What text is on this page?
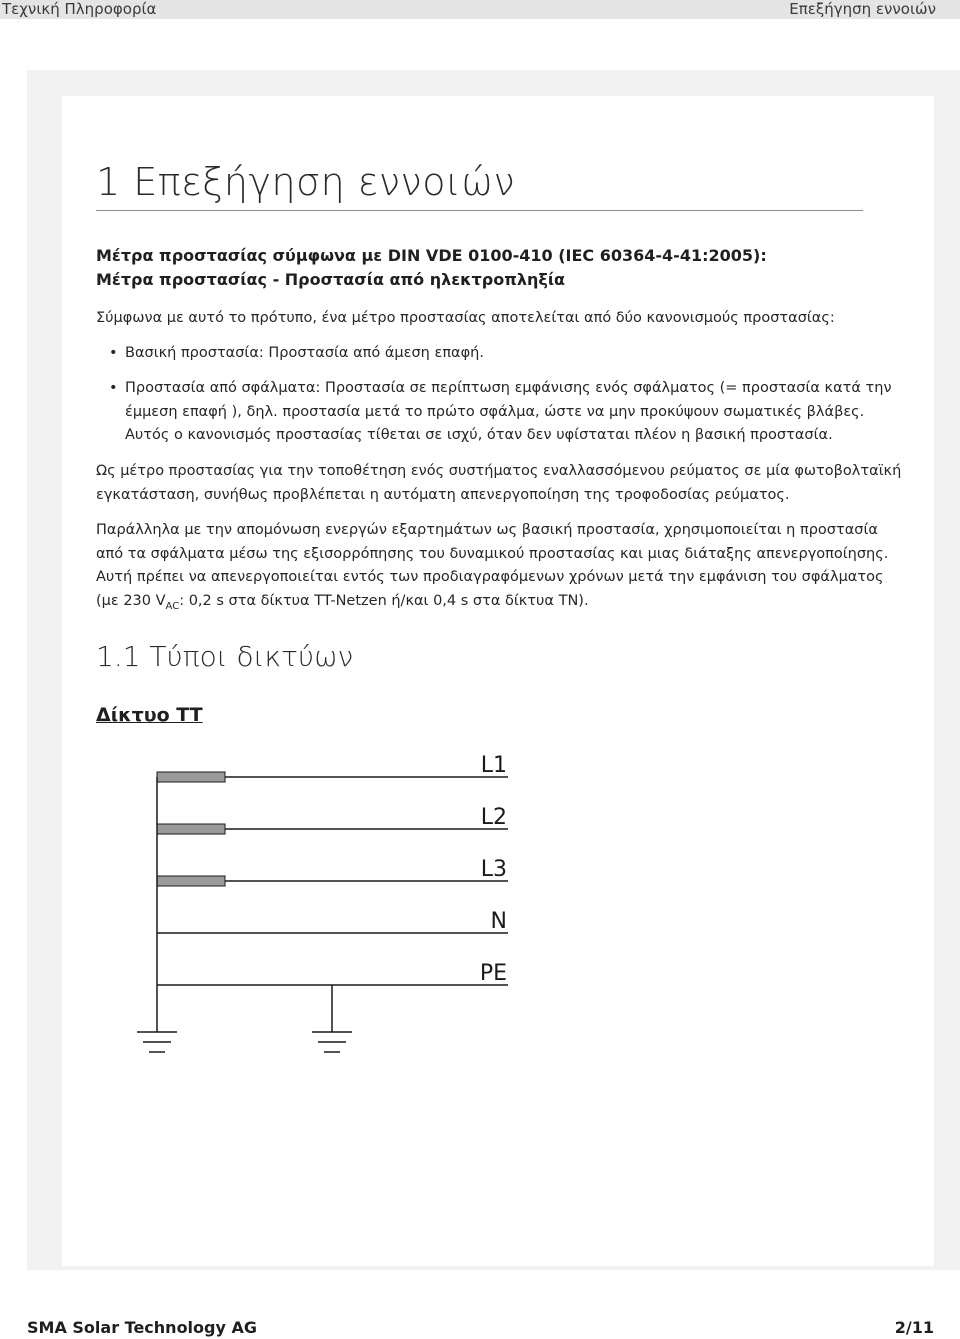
Τεχνική Πληροφορία	Επεξήγηση εννοιών
1 Επεξήγηση εννοιών
Μέτρα προστασίας σύμφωνα με DIN VDE 0100-410 (IEC 60364-4-41:2005):
Μέτρα προστασίας - Προστασία από ηλεκτροπληξία
Σύμφωνα με αυτό το πρότυπο, ένα μέτρο προστασίας αποτελείται από δύο κανονισμούς προστασίας:
• Βασική προστασία: Προστασία από άμεση επαφή.
• Προστασία από σφάλματα: Προστασία σε περίπτωση εμφάνισης ενός σφάλματος (= προστασία κατά την
έμμεση επαφή ), δηλ. προστασία μετά το πρώτο σφάλμα, ώστε να μην προκύψουν σωματικές βλάβες.
Αυτός ο κανονισμός προστασίας τίθεται σε ισχύ, όταν δεν υφίσταται πλέον η βασική προστασία.
Ως μέτρο προστασίας για την τοποθέτηση ενός συστήματος εναλλασσόμενου ρεύματος σε μία φωτοβολταϊκή
εγκατάσταση, συνήθως προβλέπεται η αυτόματη απενεργοποίηση της τροφοδοσίας ρεύματος.
Παράλληλα με την απομόνωση ενεργών εξαρτημάτων ως βασική προστασία, χρησιμοποιείται η προστασία
από τα σφάλματα μέσω της εξισορρόπησης του δυναμικού προστασίας και μιας διάταξης απενεργοποίησης.
Αυτή πρέπει να απενεργοποιείται εντός των προδιαγραφόμενων χρόνων μετά την εμφάνιση του σφάλματος
(με 230 $V_{AC}$: 0,2 s στα δίκτυα TT-Netzen ή/και 0,4 s στα δίκτυα TN).
1.1 Τύποι δικτύων
Δίκτυο TT
L1
L2
L3
N
PE
SMA Solar Technology AG	2/11
